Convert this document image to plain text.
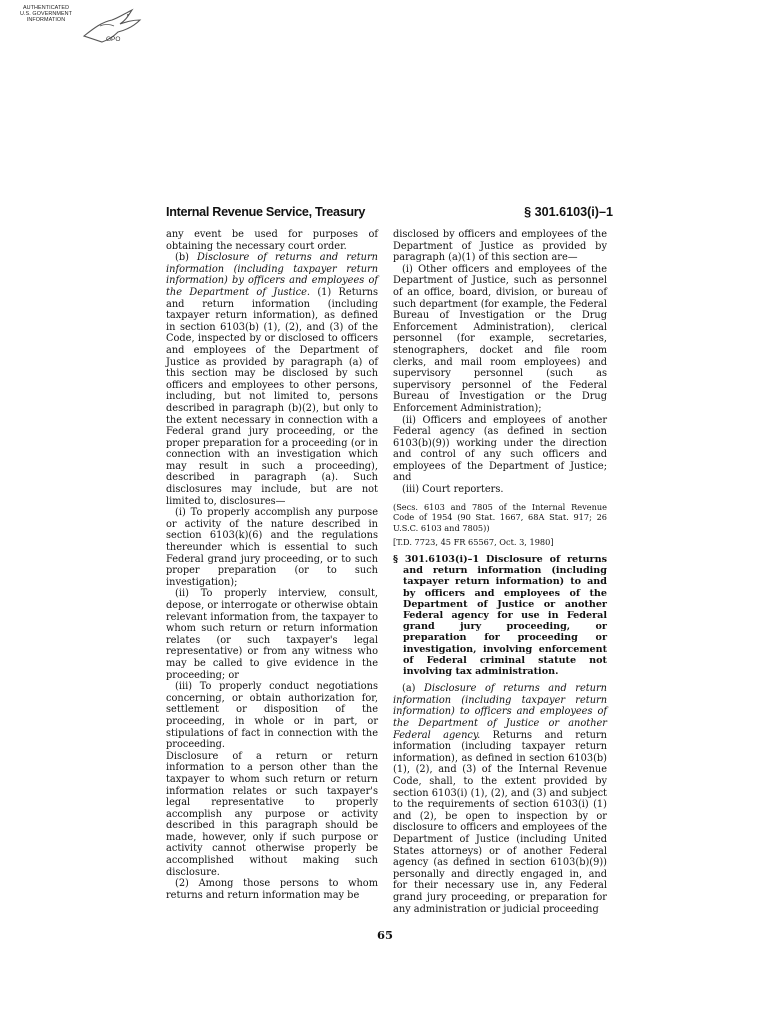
AUTHENTICATED
U.S. GOVERNMENT
INFORMATION
GPO
Internal Revenue Service, Treasury	§ 301.6103(i)–1

any event be used for purposes of obtaining the necessary court order.

(b) Disclosure of returns and return information (including taxpayer return information) by officers and employees of the Department of Justice. (1) Returns and return information (including taxpayer return information), as defined in section 6103(b) (1), (2), and (3) of the Code, inspected by or disclosed to officers and employees of the Department of Justice as provided by paragraph (a) of this section may be disclosed by such officers and employees to other persons, including, but not limited to, persons described in paragraph (b)(2), but only to the extent necessary in connection with a Federal grand jury proceeding, or the proper preparation for a proceeding (or in connection with an investigation which may result in such a proceeding), described in paragraph (a). Such disclosures may include, but are not limited to, disclosures—

(i) To properly accomplish any purpose or activity of the nature described in section 6103(k)(6) and the regulations thereunder which is essential to such Federal grand jury proceeding, or to such proper preparation (or to such investigation);

(ii) To properly interview, consult, depose, or interrogate or otherwise obtain relevant information from, the taxpayer to whom such return or return information relates (or such taxpayer's legal representative) or from any witness who may be called to give evidence in the proceeding; or

(iii) To properly conduct negotiations concerning, or obtain authorization for, settlement or disposition of the proceeding, in whole or in part, or stipulations of fact in connection with the proceeding.

Disclosure of a return or return information to a person other than the taxpayer to whom such return or return information relates or such taxpayer's legal representative to properly accomplish any purpose or activity described in this paragraph should be made, however, only if such purpose or activity cannot otherwise properly be accomplished without making such disclosure.

(2) Among those persons to whom returns and return information may be

disclosed by officers and employees of the Department of Justice as provided by paragraph (a)(1) of this section are—

(i) Other officers and employees of the Department of Justice, such as personnel of an office, board, division, or bureau of such department (for example, the Federal Bureau of Investigation or the Drug Enforcement Administration), clerical personnel (for example, secretaries, stenographers, docket and file room clerks, and mail room employees) and supervisory personnel (such as supervisory personnel of the Federal Bureau of Investigation or the Drug Enforcement Administration);

(ii) Officers and employees of another Federal agency (as defined in section 6103(b)(9)) working under the direction and control of any such officers and employees of the Department of Justice; and

(iii) Court reporters.

(Secs. 6103 and 7805 of the Internal Revenue Code of 1954 (90 Stat. 1667, 68A Stat. 917; 26 U.S.C. 6103 and 7805))

[T.D. 7723, 45 FR 65567, Oct. 3, 1980]

§ 301.6103(i)–1 Disclosure of returns and return information (including taxpayer return information) to and by officers and employees of the Department of Justice or another Federal agency for use in Federal grand jury proceeding, or preparation for proceeding or investigation, involving enforcement of Federal criminal statute not involving tax administration.

(a) Disclosure of returns and return information (including taxpayer return information) to officers and employees of the Department of Justice or another Federal agency. Returns and return information (including taxpayer return information), as defined in section 6103(b)(1), (2), and (3) of the Internal Revenue Code, shall, to the extent provided by section 6103(i) (1), (2), and (3) and subject to the requirements of section 6103(i) (1) and (2), be open to inspection by or disclosure to officers and employees of the Department of Justice (including United States attorneys) or of another Federal agency (as defined in section 6103(b)(9)) personally and directly engaged in, and for their necessary use in, any Federal grand jury proceeding, or preparation for any administration or judicial proceeding

65
